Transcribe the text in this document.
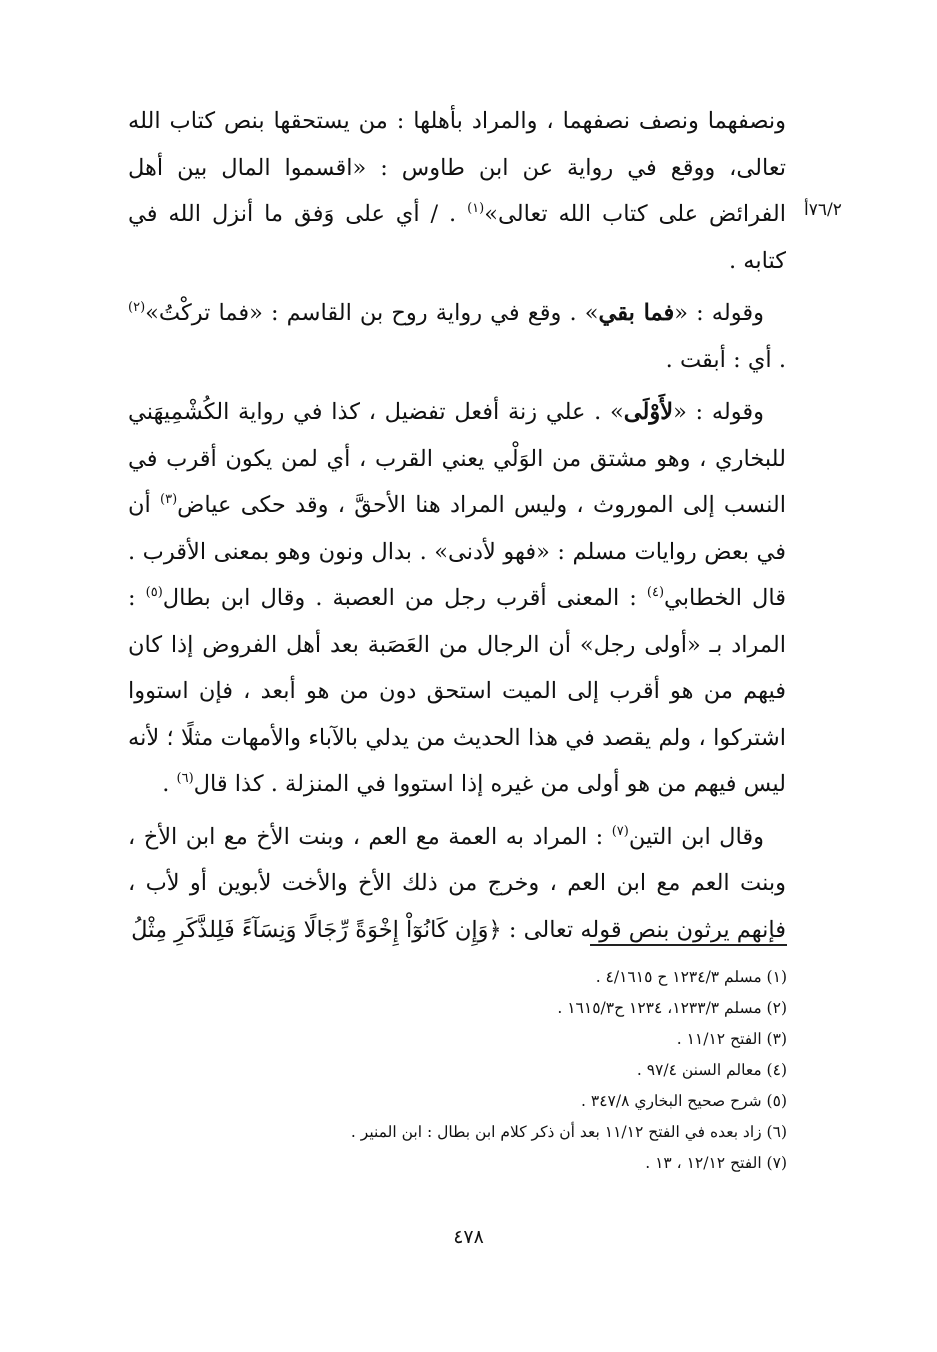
٧٦/٢أ

ونصفهما ونصف نصفهما ، والمراد بأهلها : من يستحقها بنص كتاب الله تعالى، ووقع في رواية عن ابن طاوس : «اقسموا المال بين أهل الفرائض على كتاب الله تعالى»$^{(١)}$ . / أي على وَفق ما أنزل الله في كتابه .

وقوله : «فما بقي» . وقع في رواية روح بن القاسم : «فما تركْتُ»$^{(٢)}$ . أي : أبقت .

وقوله : «لأَوْلَى» . علي زنة أفعل تفضيل ، كذا في رواية الكُشْمِيهَني للبخاري ، وهو مشتق من الوَلْي يعني القرب ، أي لمن يكون أقرب في النسب إلى الموروث ، وليس المراد هنا الأحقَّ ، وقد حكى عياض$^{(٣)}$ أن في بعض روايات مسلم : «فهو لأدنى» . بدال ونون وهو بمعنى الأقرب . قال الخطابي$^{(٤)}$ : المعنى أقرب رجل من العصبة . وقال ابن بطال$^{(٥)}$ : المراد بـ «أولى رجل» أن الرجال من العَصَبة بعد أهل الفروض إذا كان فيهم من هو أقرب إلى الميت استحق دون من هو أبعد ، فإن استووا اشتركوا ، ولم يقصد في هذا الحديث من يدلي بالآباء والأمهات مثلًا ؛ لأنه ليس فيهم من هو أولى من غيره إذا استووا في المنزلة . كذا قال$^{(٦)}$ .

وقال ابن التين$^{(٧)}$ : المراد به العمة مع العم ، وبنت الأخ مع ابن الأخ ، وبنت العم مع ابن العم ، وخرج من ذلك الأخ والأخت لأبوين أو لأب ، فإنهم يرثون بنص قوله تعالى : ﴿وَإِن كَانُوٓاْ إِخْوَةً رِّجَالًا وَنِسَآءً فَلِلذَّكَرِ مِثْلُ

(١) مسلم ١٢٣٤/٣ ح ٤/١٦١٥ .
(٢) مسلم ١٢٣٣/٣، ١٢٣٤ ح١٦١٥/٣ .
(٣) الفتح ١١/١٢ .
(٤) معالم السنن ٩٧/٤ .
(٥) شرح صحيح البخاري ٣٤٧/٨ .
(٦) زاد بعده في الفتح ١١/١٢ بعد أن ذكر كلام ابن بطال : ابن المنير .
(٧) الفتح ١٢/١٢ ، ١٣ .
٤٧٨
